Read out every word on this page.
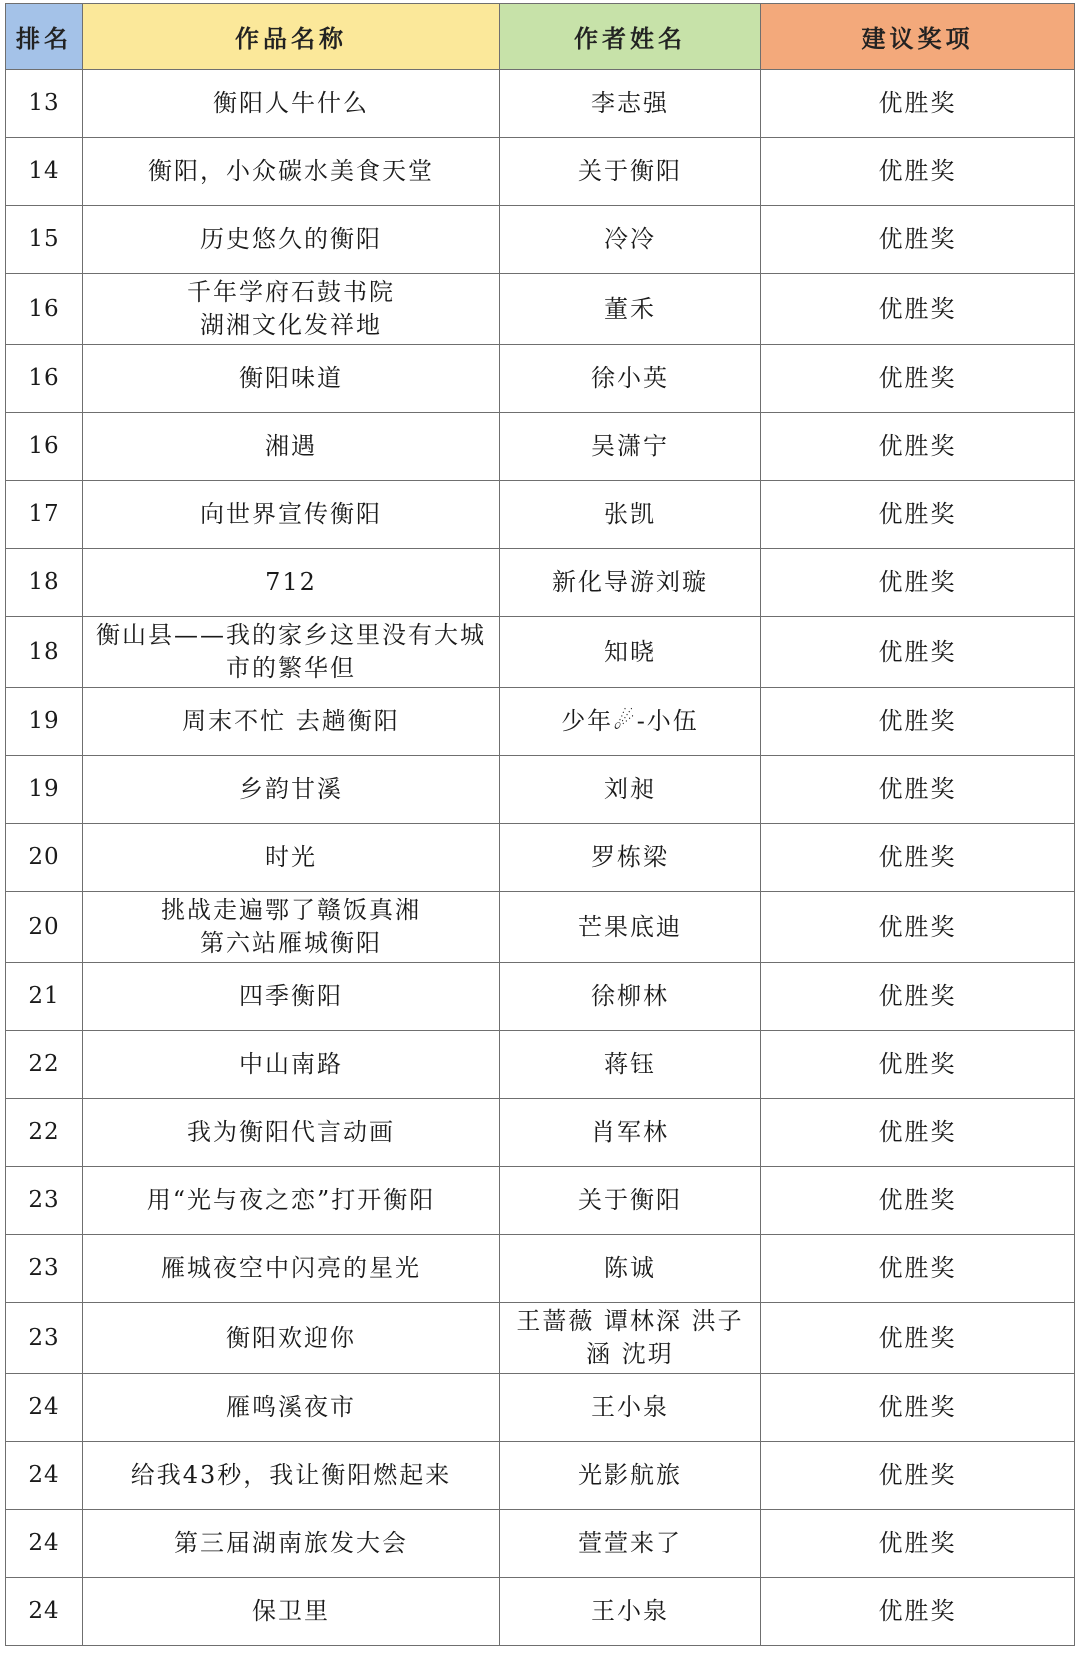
排名	作品名称	作者姓名	建议奖项
13	衡阳人牛什么	李志强	优胜奖
14	衡阳，小众碳水美食天堂	关于衡阳	优胜奖
15	历史悠久的衡阳	冷冷	优胜奖
16	千年学府石鼓书院
湖湘文化发祥地	董禾	优胜奖
16	衡阳味道	徐小英	优胜奖
16	湘遇	吴潇宁	优胜奖
17	向世界宣传衡阳	张凯	优胜奖
18	712	新化导游刘璇	优胜奖
18	衡山县——我的家乡这里没有大城
市的繁华但	知晓	优胜奖
19	周末不忙 去趟衡阳	少年☄-小伍	优胜奖
19	乡韵甘溪	刘昶	优胜奖
20	时光	罗栋梁	优胜奖
20	挑战走遍鄂了赣饭真湘
第六站雁城衡阳	芒果底迪	优胜奖
21	四季衡阳	徐柳林	优胜奖
22	中山南路	蒋钰	优胜奖
22	我为衡阳代言动画	肖军林	优胜奖
23	用“光与夜之恋”打开衡阳	关于衡阳	优胜奖
23	雁城夜空中闪亮的星光	陈诚	优胜奖
23	衡阳欢迎你	王蔷薇 谭林深 洪子
涵 沈玥	优胜奖
24	雁鸣溪夜市	王小泉	优胜奖
24	给我43秒，我让衡阳燃起来	光影航旅	优胜奖
24	第三届湖南旅发大会	萱萱来了	优胜奖
24	保卫里	王小泉	优胜奖
